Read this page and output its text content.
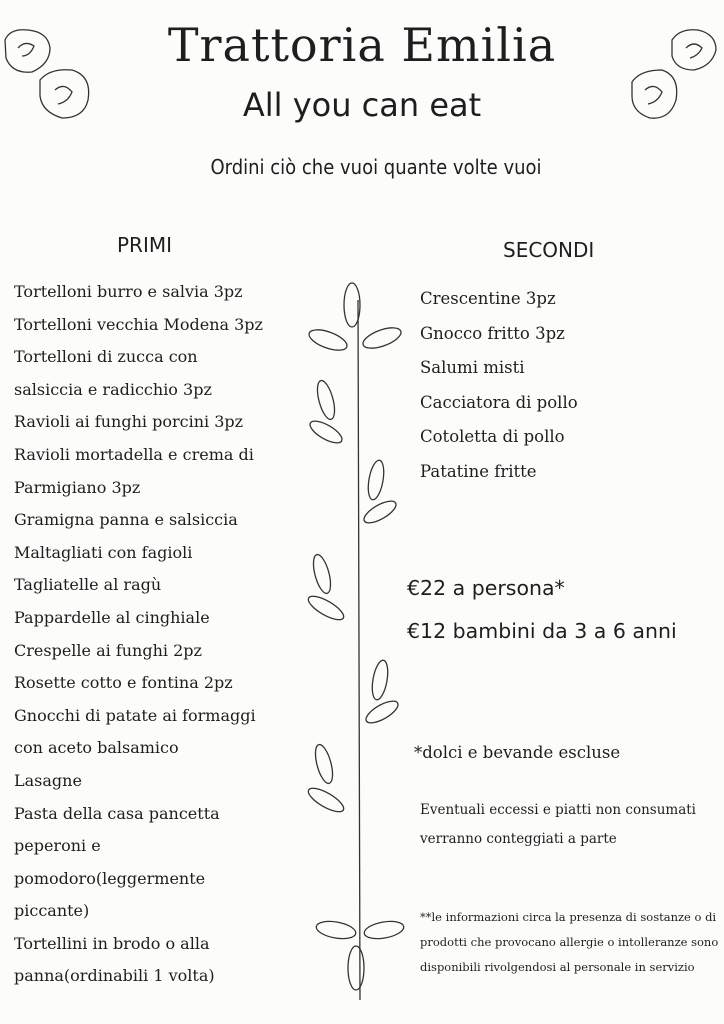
Trattoria Emilia
All you can eat
Ordini ciò che vuoi quante volte vuoi
PRIMI
Tortelloni burro e salvia 3pz
Tortelloni vecchia Modena 3pz
Tortelloni di zucca con
salsiccia e radicchio 3pz
Ravioli ai funghi porcini 3pz
Ravioli mortadella e crema di
Parmigiano 3pz
Gramigna panna e salsiccia
Maltagliati con fagioli
Tagliatelle al ragù
Pappardelle al cinghiale
Crespelle ai funghi 2pz
Rosette cotto e fontina 2pz
Gnocchi di patate ai formaggi
con aceto balsamico
Lasagne
Pasta della casa pancetta
peperoni e
pomodoro(leggermente
piccante)
Tortellini in brodo o alla
panna(ordinabili 1 volta)
SECONDI
Crescentine 3pz
Gnocco fritto 3pz
Salumi misti
Cacciatora di pollo
Cotoletta di pollo
Patatine fritte
€22 a persona*
€12 bambini da 3 a 6 anni
*dolci e bevande escluse
Eventuali eccessi e piatti non consumati verranno conteggiati a parte
**le informazioni circa la presenza di sostanze o di prodotti che provocano allergie o intolleranze sono disponibili rivolgendosi al personale in servizio
